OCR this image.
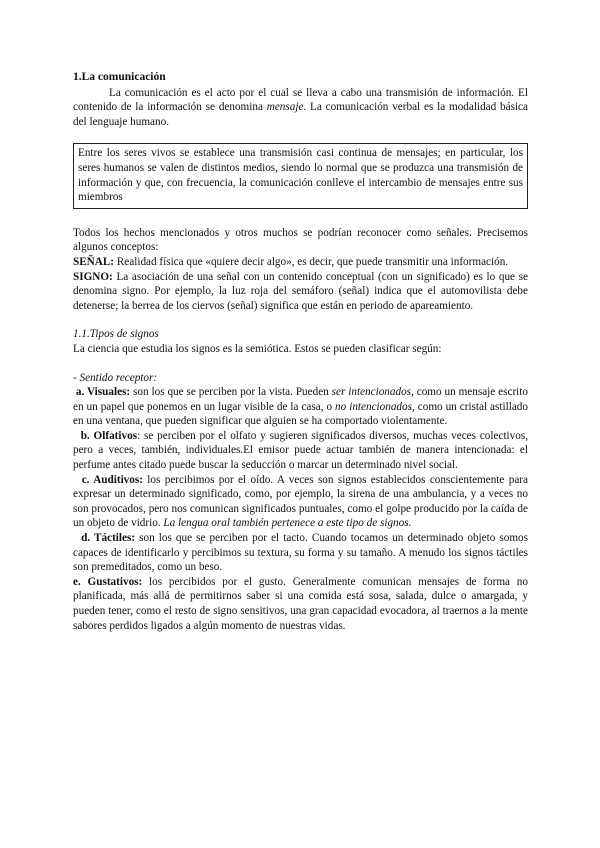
1.La comunicación

La comunicación es el acto por el cual se lleva a cabo una transmisión de información. El contenido de la información se denomina mensaje. La comunicación verbal es la modalidad básica del lenguaje humano.

Entre los seres vivos se establece una transmisión casi continua de mensajes; en particular, los seres humanos se valen de distintos medios, siendo lo normal que se produzca una transmisión de información y que, con frecuencia, la comunicación conlleve el intercambio de mensajes entre sus miembros

Todos los hechos mencionados y otros muchos se podrían reconocer como señales. Precisemos algunos conceptos:

SEÑAL: Realidad física que «quiere decir algo», es decir, que puede transmitir una información.

SIGNO: La asociación de una señal con un contenido conceptual (con un significado) es lo que se denomina signo. Por ejemplo, la luz roja del semáforo (señal) indica que el automovilista debe detenerse; la berrea de los ciervos (señal) significa que están en periodo de apareamiento.

1.1.Tipos de signos

La ciencia que estudia los signos es la semiótica. Estos se pueden clasificar según:

- Sentido receptor:

a. Visuales: son los que se perciben por la vista. Pueden ser intencionados, como un mensaje escrito en un papel que ponemos en un lugar visible de la casa, o no intencionados, como un cristal astillado en una ventana, que pueden significar que alguien se ha comportado violentamente.

b. Olfativos: se perciben por el olfato y sugieren significados diversos, muchas veces colectivos, pero a veces, también, individuales.El emisor puede actuar también de manera intencionada: el perfume antes citado puede buscar la seducción o marcar un determinado nivel social.

c. Auditivos: los percibimos por el oído. A veces son signos establecidos conscientemente para expresar un determinado significado, como, por ejemplo, la sirena de una ambulancia, y a veces no son provocados, pero nos comunican significados puntuales, como el golpe producido por la caída de un objeto de vidrio. La lengua oral también pertenece a este tipo de signos.

d. Táctiles: son los que se perciben por el tacto. Cuando tocamos un determinado objeto somos capaces de identificarlo y percibimos su textura, su forma y su tamaño. A menudo los signos táctiles son premeditados, como un beso.

e. Gustativos: los percibidos por el gusto. Generalmente comunican mensajes de forma no planificada, más allá de permitirnos saber si una comida está sosa, salada, dulce o amargada, y pueden tener, como el resto de signo sensitivos, una gran capacidad evocadora, al traernos a la mente sabores perdidos ligados a algún momento de nuestras vidas.
